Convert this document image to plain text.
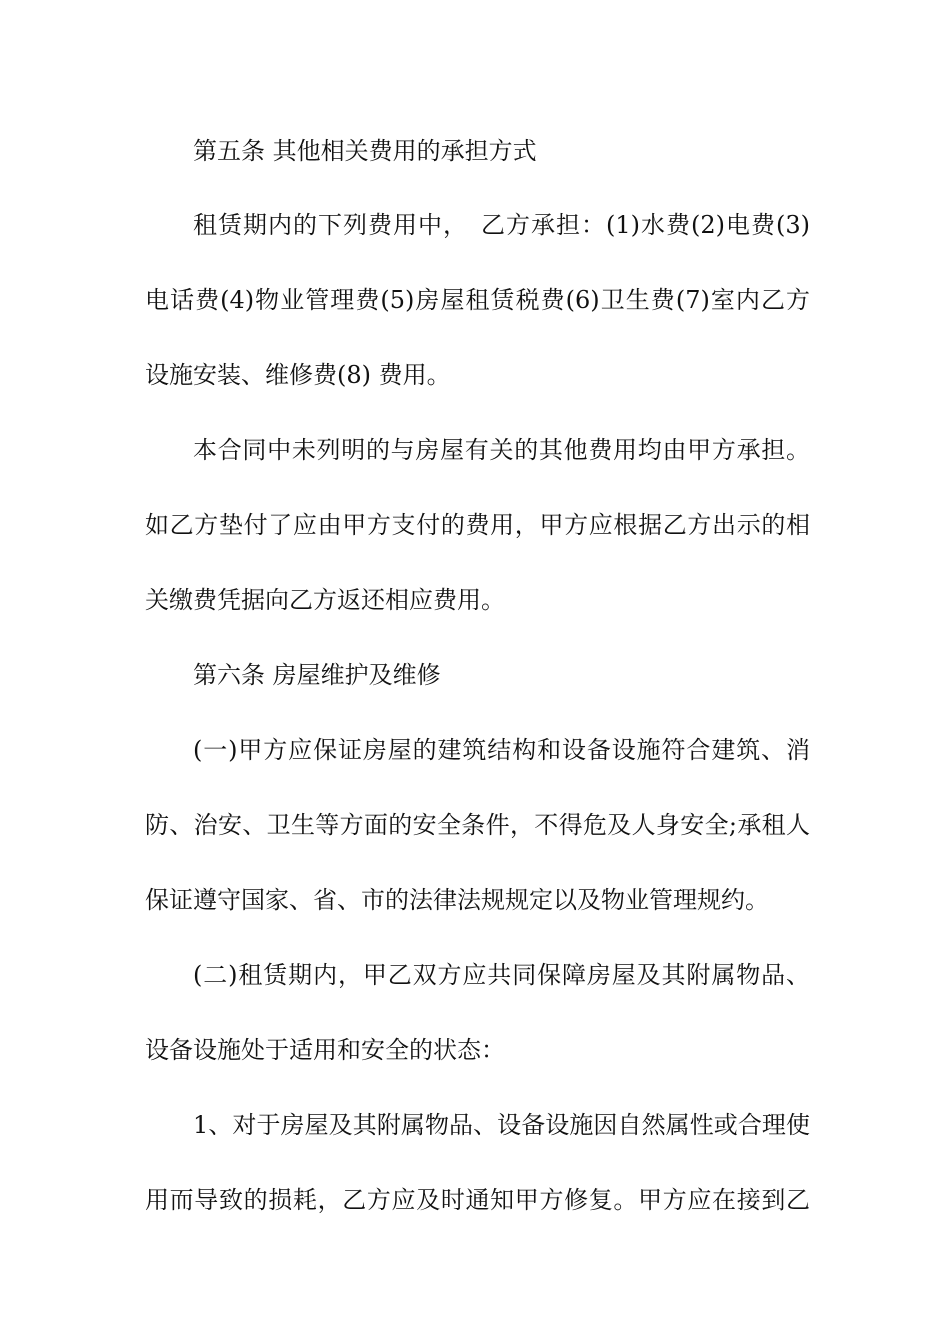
第五条 其他相关费用的承担方式
租赁期内的下列费用中，　乙方承担：(1)水费(2)电费(3)
电话费(4)物业管理费(5)房屋租赁税费(6)卫生费(7)室内乙方
设施安装、维修费(8) 费用。
本合同中未列明的与房屋有关的其他费用均由甲方承担。
如乙方垫付了应由甲方支付的费用，甲方应根据乙方出示的相
关缴费凭据向乙方返还相应费用。
第六条 房屋维护及维修
(一)甲方应保证房屋的建筑结构和设备设施符合建筑、消
防、治安、卫生等方面的安全条件，不得危及人身安全;承租人
保证遵守国家、省、市的法律法规规定以及物业管理规约。
(二)租赁期内，甲乙双方应共同保障房屋及其附属物品、
设备设施处于适用和安全的状态：
1、对于房屋及其附属物品、设备设施因自然属性或合理使
用而导致的损耗，乙方应及时通知甲方修复。甲方应在接到乙
